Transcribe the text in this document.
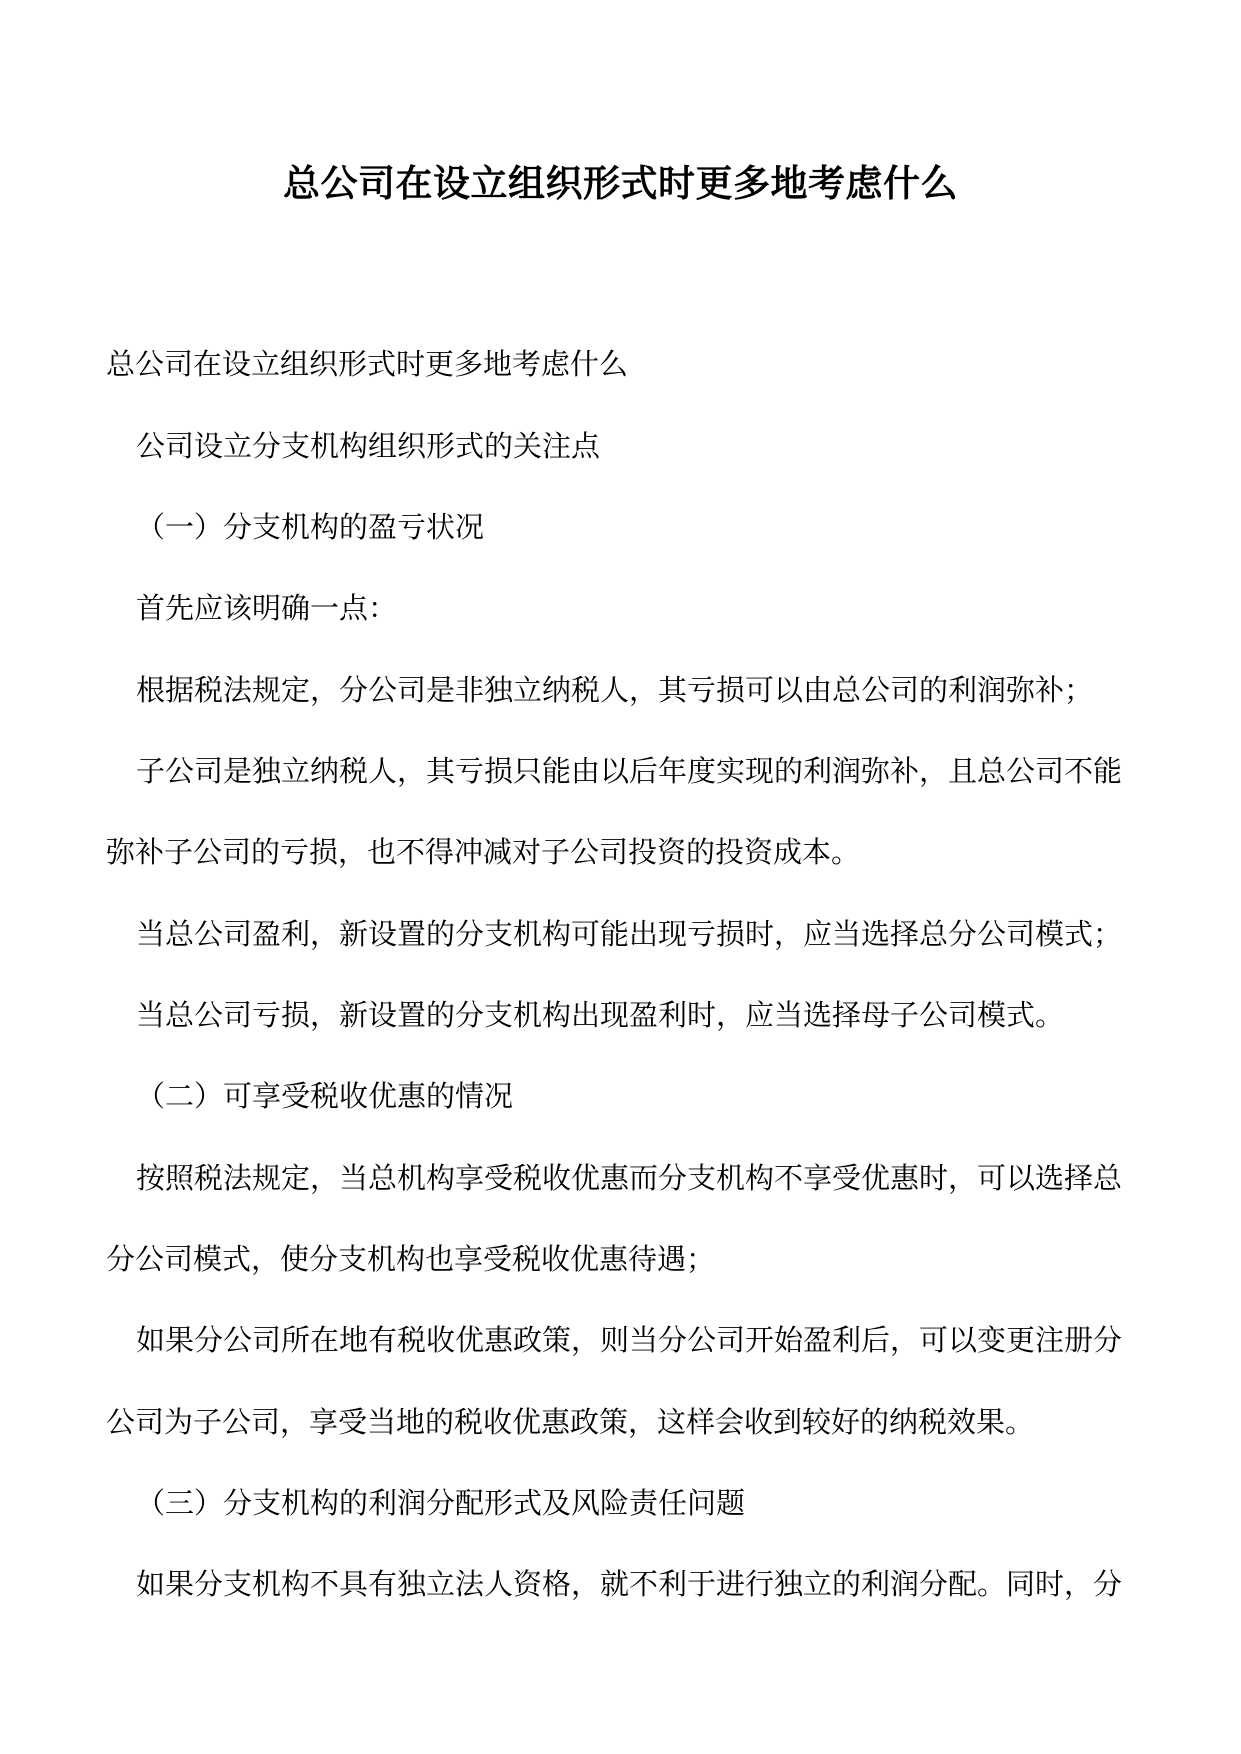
总公司在设立组织形式时更多地考虑什么
总公司在设立组织形式时更多地考虑什么
公司设立分支机构组织形式的关注点
（一）分支机构的盈亏状况
首先应该明确一点：
根据税法规定，分公司是非独立纳税人，其亏损可以由总公司的利润弥补；
子公司是独立纳税人，其亏损只能由以后年度实现的利润弥补，且总公司不能
弥补子公司的亏损，也不得冲减对子公司投资的投资成本。
当总公司盈利，新设置的分支机构可能出现亏损时，应当选择总分公司模式；
当总公司亏损，新设置的分支机构出现盈利时，应当选择母子公司模式。
（二）可享受税收优惠的情况
按照税法规定，当总机构享受税收优惠而分支机构不享受优惠时，可以选择总
分公司模式，使分支机构也享受税收优惠待遇；
如果分公司所在地有税收优惠政策，则当分公司开始盈利后，可以变更注册分
公司为子公司，享受当地的税收优惠政策，这样会收到较好的纳税效果。
（三）分支机构的利润分配形式及风险责任问题
如果分支机构不具有独立法人资格，就不利于进行独立的利润分配。同时，分
